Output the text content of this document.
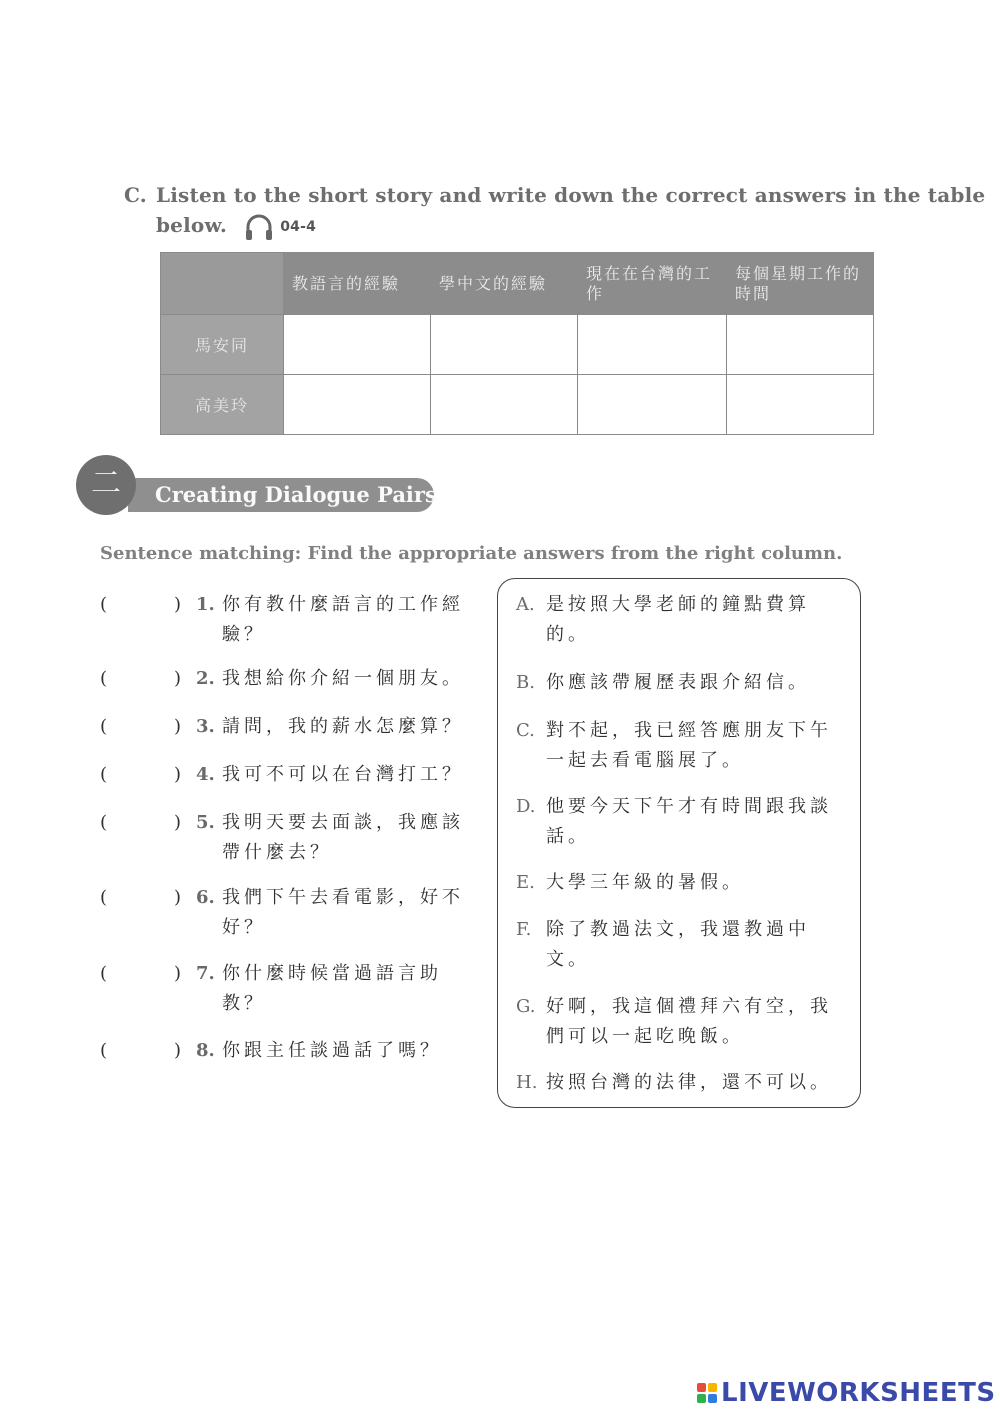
C. Listen to the short story and write down the correct answers in the table
below.	04-4
	教語言的經驗	學中文的經驗	現在在台灣的工作	每個星期工作的時間
馬安同				
高美玲				
二	Creating Dialogue Pairs
Sentence matching: Find the appropriate answers from the right column.
(	) 1. 你有教什麼語言的工作經驗？
(	) 2. 我想給你介紹一個朋友。
(	) 3. 請問，我的薪水怎麼算？
(	) 4. 我可不可以在台灣打工？
(	) 5. 我明天要去面談，我應該帶什麼去？
(	) 6. 我們下午去看電影，好不好？
(	) 7. 你什麼時候當過語言助教？
(	) 8. 你跟主任談過話了嗎？
A. 是按照大學老師的鐘點費算的。
B. 你應該帶履歷表跟介紹信。
C. 對不起，我已經答應朋友下午一起去看電腦展了。
D. 他要今天下午才有時間跟我談話。
E. 大學三年級的暑假。
F. 除了教過法文，我還教過中文。
G. 好啊，我這個禮拜六有空，我們可以一起吃晚飯。
H. 按照台灣的法律，還不可以。
LIVEWORKSHEETS
